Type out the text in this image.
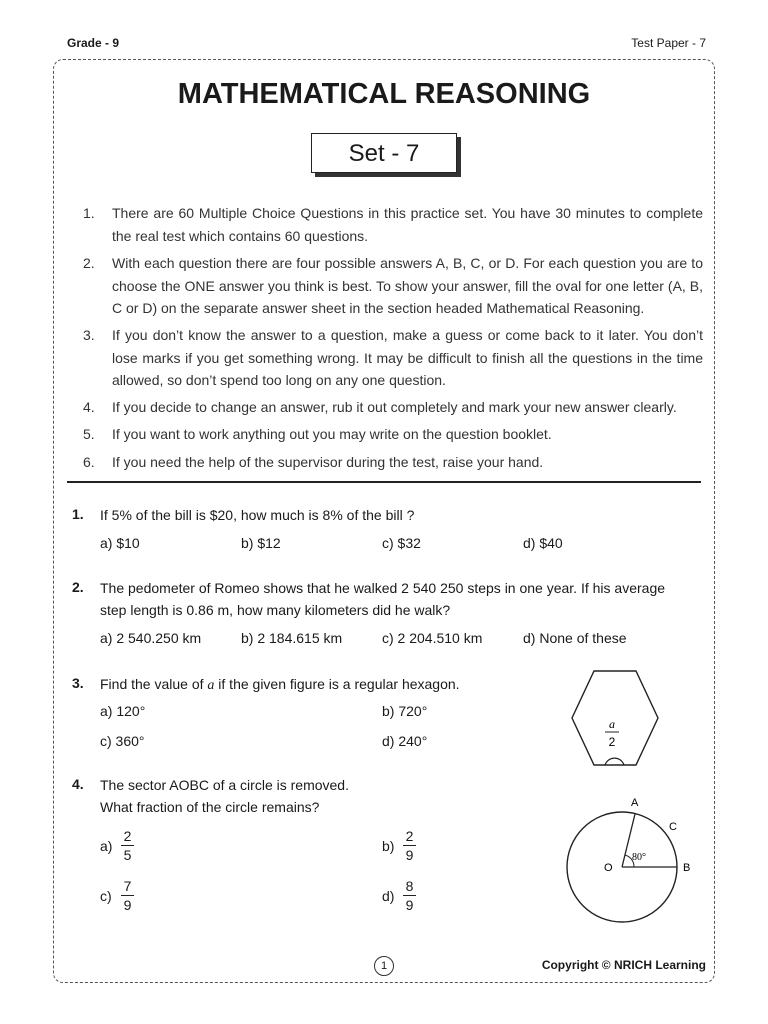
Grade - 9	Test Paper - 7
MATHEMATICAL REASONING
Set - 7
1.	There are 60 Multiple Choice Questions in this practice set. You have 30 minutes to complete the real test which contains 60 questions.
2.	With each question there are four possible answers A, B, C, or D. For each question you are to choose the ONE answer you think is best. To show your answer, fill the oval for one letter (A, B, C or D) on the separate answer sheet in the section headed Mathematical Reasoning.
3.	If you don’t know the answer to a question, make a guess or come back to it later. You don’t lose marks if you get something wrong. It may be difficult to finish all the questions in the time allowed, so don’t spend too long on any one question.
4.	If you decide to change an answer, rub it out completely and mark your new answer clearly.
5.	If you want to work anything out you may write on the question booklet.
6.	If you need the help of the supervisor during the test, raise your hand.
1. If 5% of the bill is $20, how much is 8% of the bill ?
a) $10	b) $12	c) $32	d) $40
2. The pedometer of Romeo shows that he walked 2 540 250 steps in one year. If his average
step length is 0.86 m, how many kilometers did he walk?
a) 2 540.250 km	b) 2 184.615 km	c) 2 204.510 km	d) None of these
3. Find the value of a if the given figure is a regular hexagon.
a) 120°	b) 720°
c) 360°	d) 240°
a
2
4. The sector AOBC of a circle is removed.
What fraction of the circle remains?
a)
2
5
b)
2
9
c)
7
9
d)
8
9
A
C
O	B
80°
1	Copyright © NRICH Learning
